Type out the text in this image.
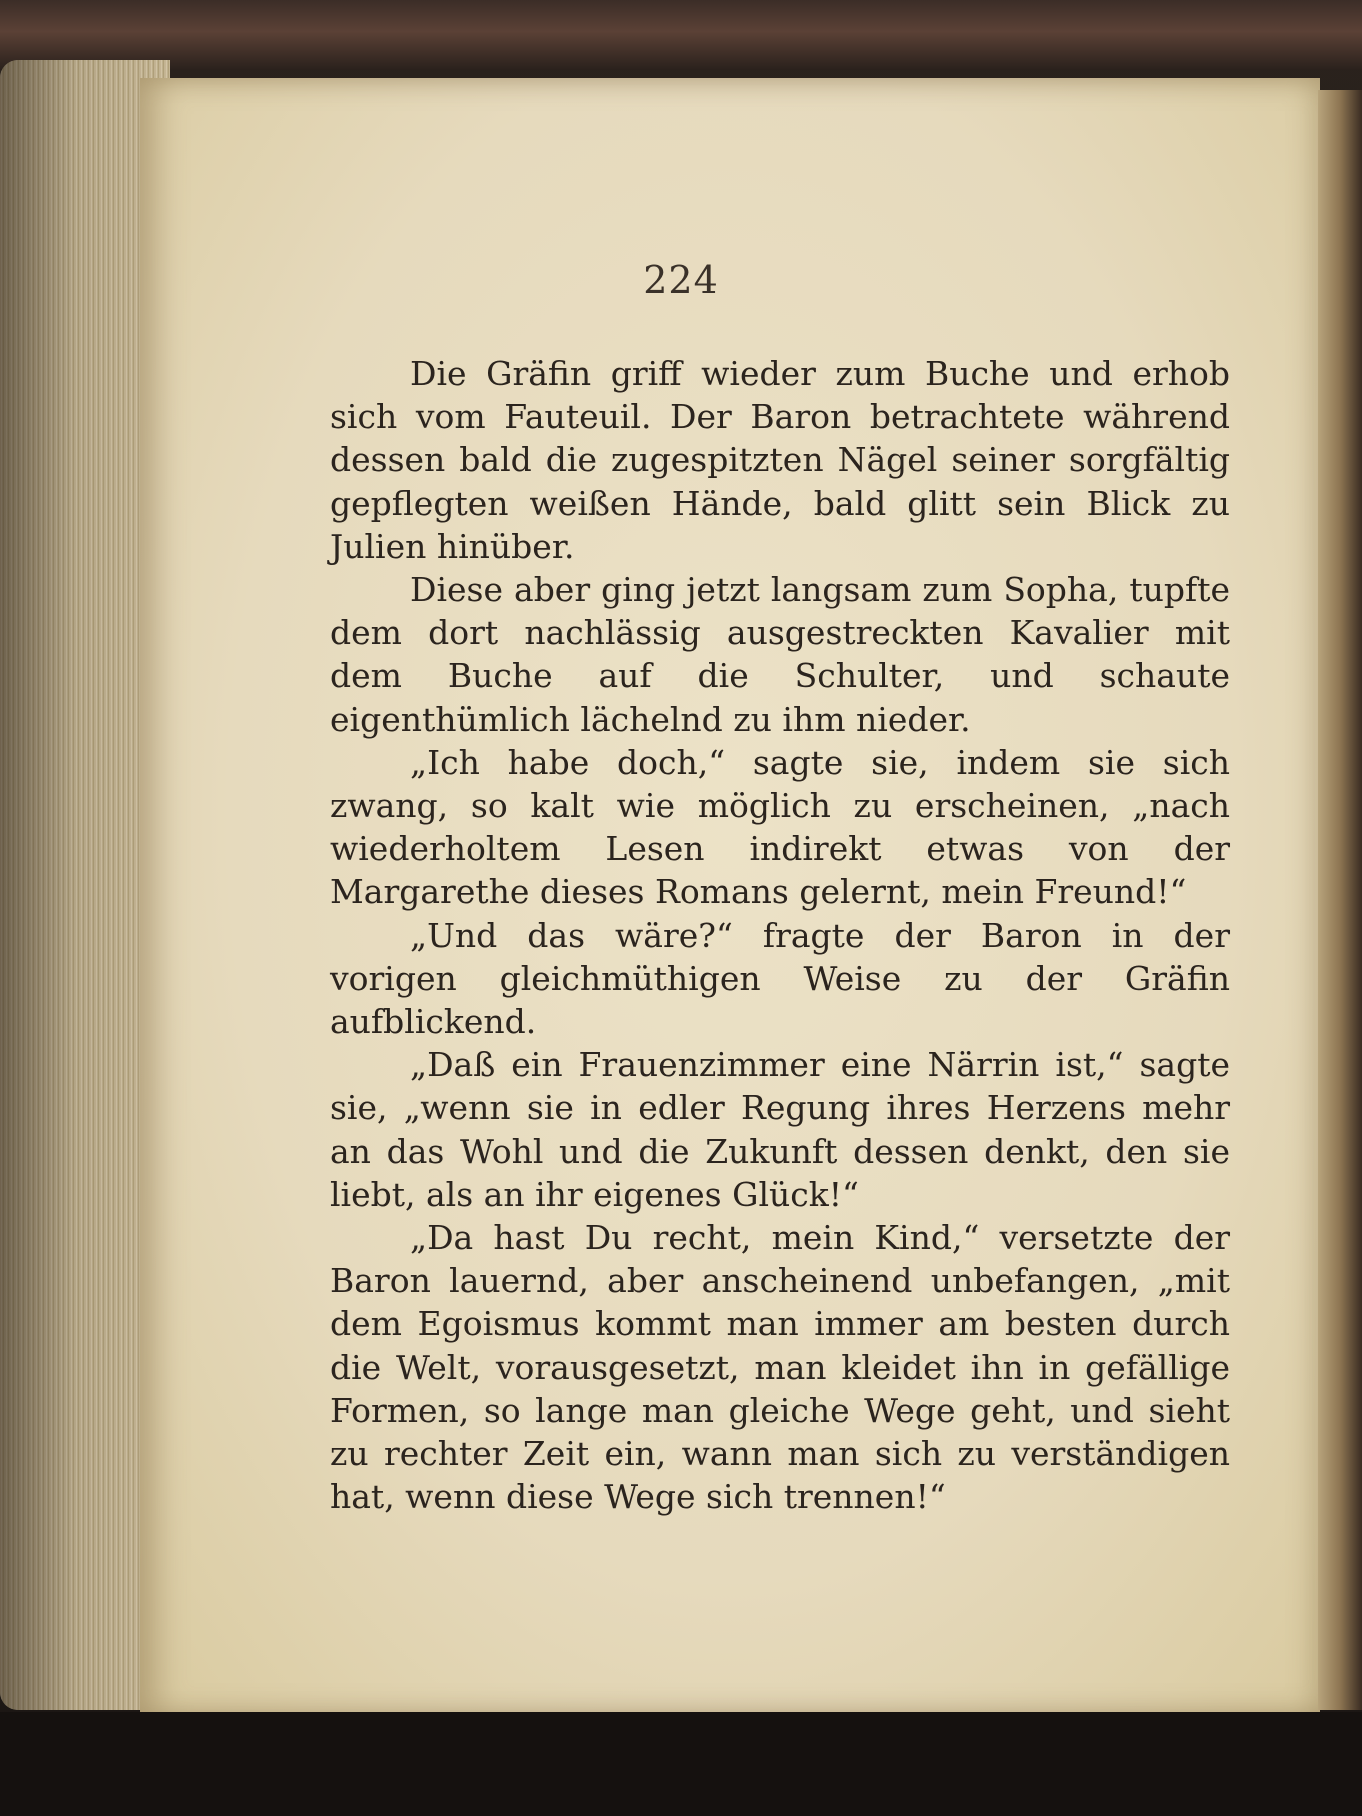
224

Die Gräfin griff wieder zum Buche und erhob sich vom Fauteuil. Der Baron betrachtete während dessen bald die zugespitzten Nägel seiner sorgfältig gepflegten weißen Hände, bald glitt sein Blick zu Julien hinüber.

Diese aber ging jetzt langsam zum Sopha, tupfte dem dort nachlässig ausgestreckten Kavalier mit dem Buche auf die Schulter, und schaute eigenthümlich lächelnd zu ihm nieder.

„Ich habe doch,“ sagte sie, indem sie sich zwang, so kalt wie möglich zu erscheinen, „nach wiederholtem Lesen indirekt etwas von der Margarethe dieses Romans gelernt, mein Freund!“

„Und das wäre?“ fragte der Baron in der vorigen gleichmüthigen Weise zu der Gräfin aufblickend.

„Daß ein Frauenzimmer eine Närrin ist,“ sagte sie, „wenn sie in edler Regung ihres Herzens mehr an das Wohl und die Zukunft dessen denkt, den sie liebt, als an ihr eigenes Glück!“

„Da hast Du recht, mein Kind,“ versetzte der Baron lauernd, aber anscheinend unbefangen, „mit dem Egoismus kommt man immer am besten durch die Welt, vorausgesetzt, man kleidet ihn in gefällige Formen, so lange man gleiche Wege geht, und sieht zu rechter Zeit ein, wann man sich zu verständigen hat, wenn diese Wege sich trennen!“
